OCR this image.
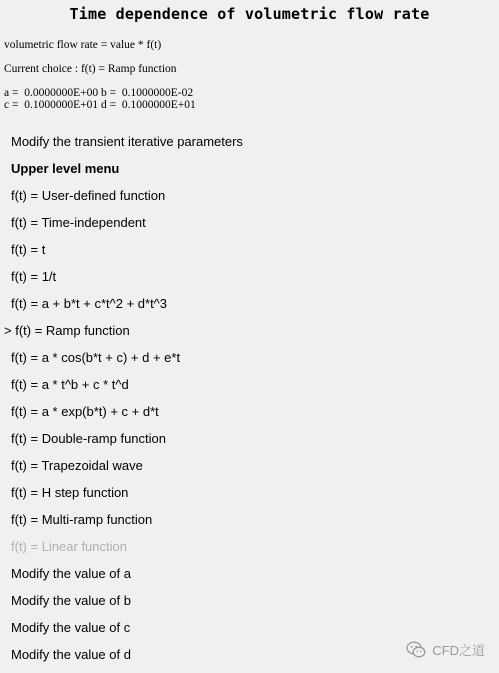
Time dependence of volumetric flow rate
volumetric flow rate = value * f(t)
Current choice : f(t) = Ramp function
a =  0.0000000E+00 b =  0.1000000E-02
c =  0.1000000E+01 d =  0.1000000E+01
Modify the transient iterative parameters
Upper level menu
f(t) = User-defined function
f(t) = Time-independent
f(t) = t
f(t) = 1/t
f(t) = a + b*t + c*t^2 + d*t^3
> f(t) = Ramp function
f(t) = a * cos(b*t + c) + d + e*t
f(t) = a * t^b + c * t^d
f(t) = a * exp(b*t) + c + d*t
f(t) = Double-ramp function
f(t) = Trapezoidal wave
f(t) = H step function
f(t) = Multi-ramp function
f(t) = Linear function
Modify the value of a
Modify the value of b
Modify the value of c
Modify the value of d	CFD之道
